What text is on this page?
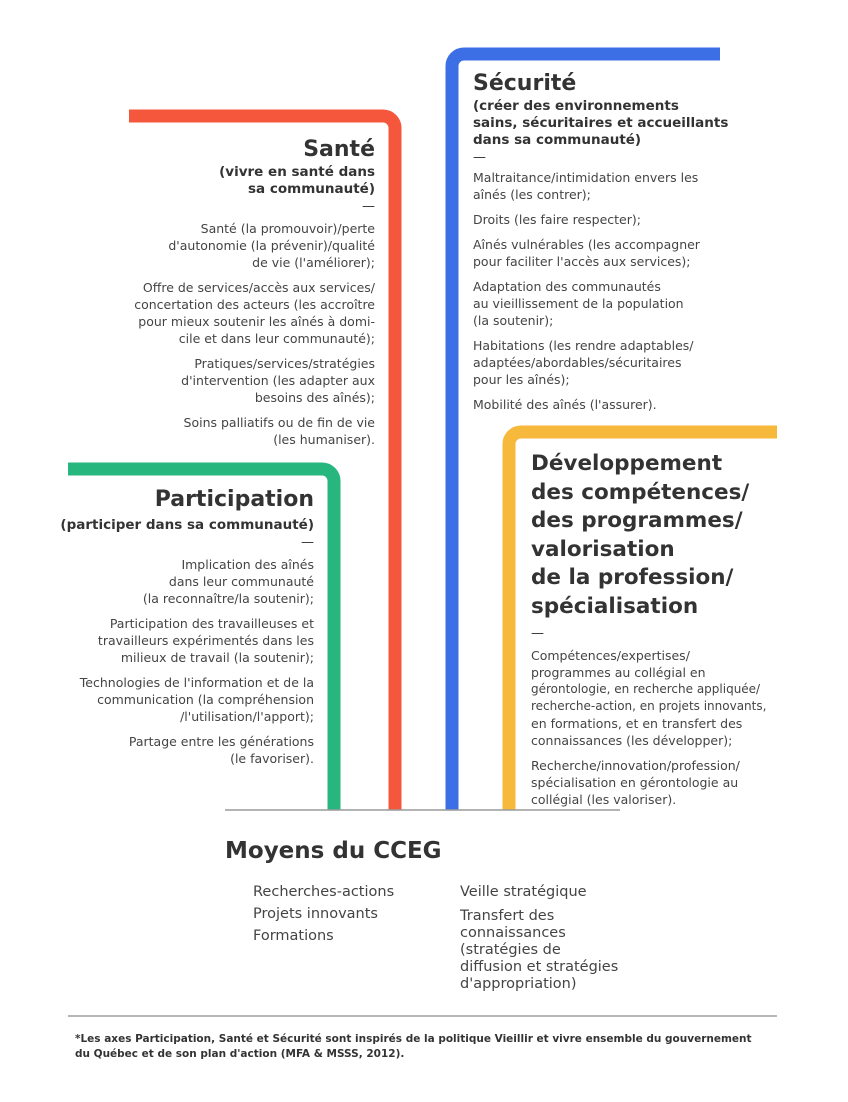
Santé
(vivre en santé dans
sa communauté)
—

Santé (la promouvoir)/perte

d'autonomie (la prévenir)/qualité

de vie (l'améliorer);

Offre de services/accès aux services/

concertation des acteurs (les accroître

pour mieux soutenir les aînés à domi-

cile et dans leur communauté);

Pratiques/services/stratégies

d'intervention (les adapter aux

besoins des aînés);

Soins palliatifs ou de fin de vie

(les humaniser).

Sécurité
(créer des environnements
sains, sécuritaires et accueillants
dans sa communauté)
—

Maltraitance/intimidation envers les

aînés (les contrer);

Droits (les faire respecter);

Aînés vulnérables (les accompagner

pour faciliter l'accès aux services);

Adaptation des communautés

au vieillissement de la population

(la soutenir);

Habitations (les rendre adaptables/

adaptées/abordables/sécuritaires

pour les aînés);

Mobilité des aînés (l'assurer).

Participation
(participer dans sa communauté)
—

Implication des aînés

dans leur communauté

(la reconnaître/la soutenir);

Participation des travailleuses et

travailleurs expérimentés dans les

milieux de travail (la soutenir);

Technologies de l'information et de la

communication (la compréhension

/l'utilisation/l'apport);

Partage entre les générations

(le favoriser).

Développement
des compétences/
des programmes/
valorisation
de la profession/
spécialisation
—

Compétences/expertises/

programmes au collégial en

gérontologie, en recherche appliquée/

recherche-action, en projets innovants,

en formations, et en transfert des

connaissances (les développer);

Recherche/innovation/profession/

spécialisation en gérontologie au

collégial (les valoriser).

Moyens du CCEG
Recherches-actions
Projets innovants
Formations
Veille stratégique
Transfert des
connaissances
(stratégies de
diffusion et stratégies
d'appropriation)
*Les axes Participation, Santé et Sécurité sont inspirés de la politique Vieillir et vivre ensemble du gouvernement
du Québec et de son plan d'action (MFA & MSSS, 2012).
